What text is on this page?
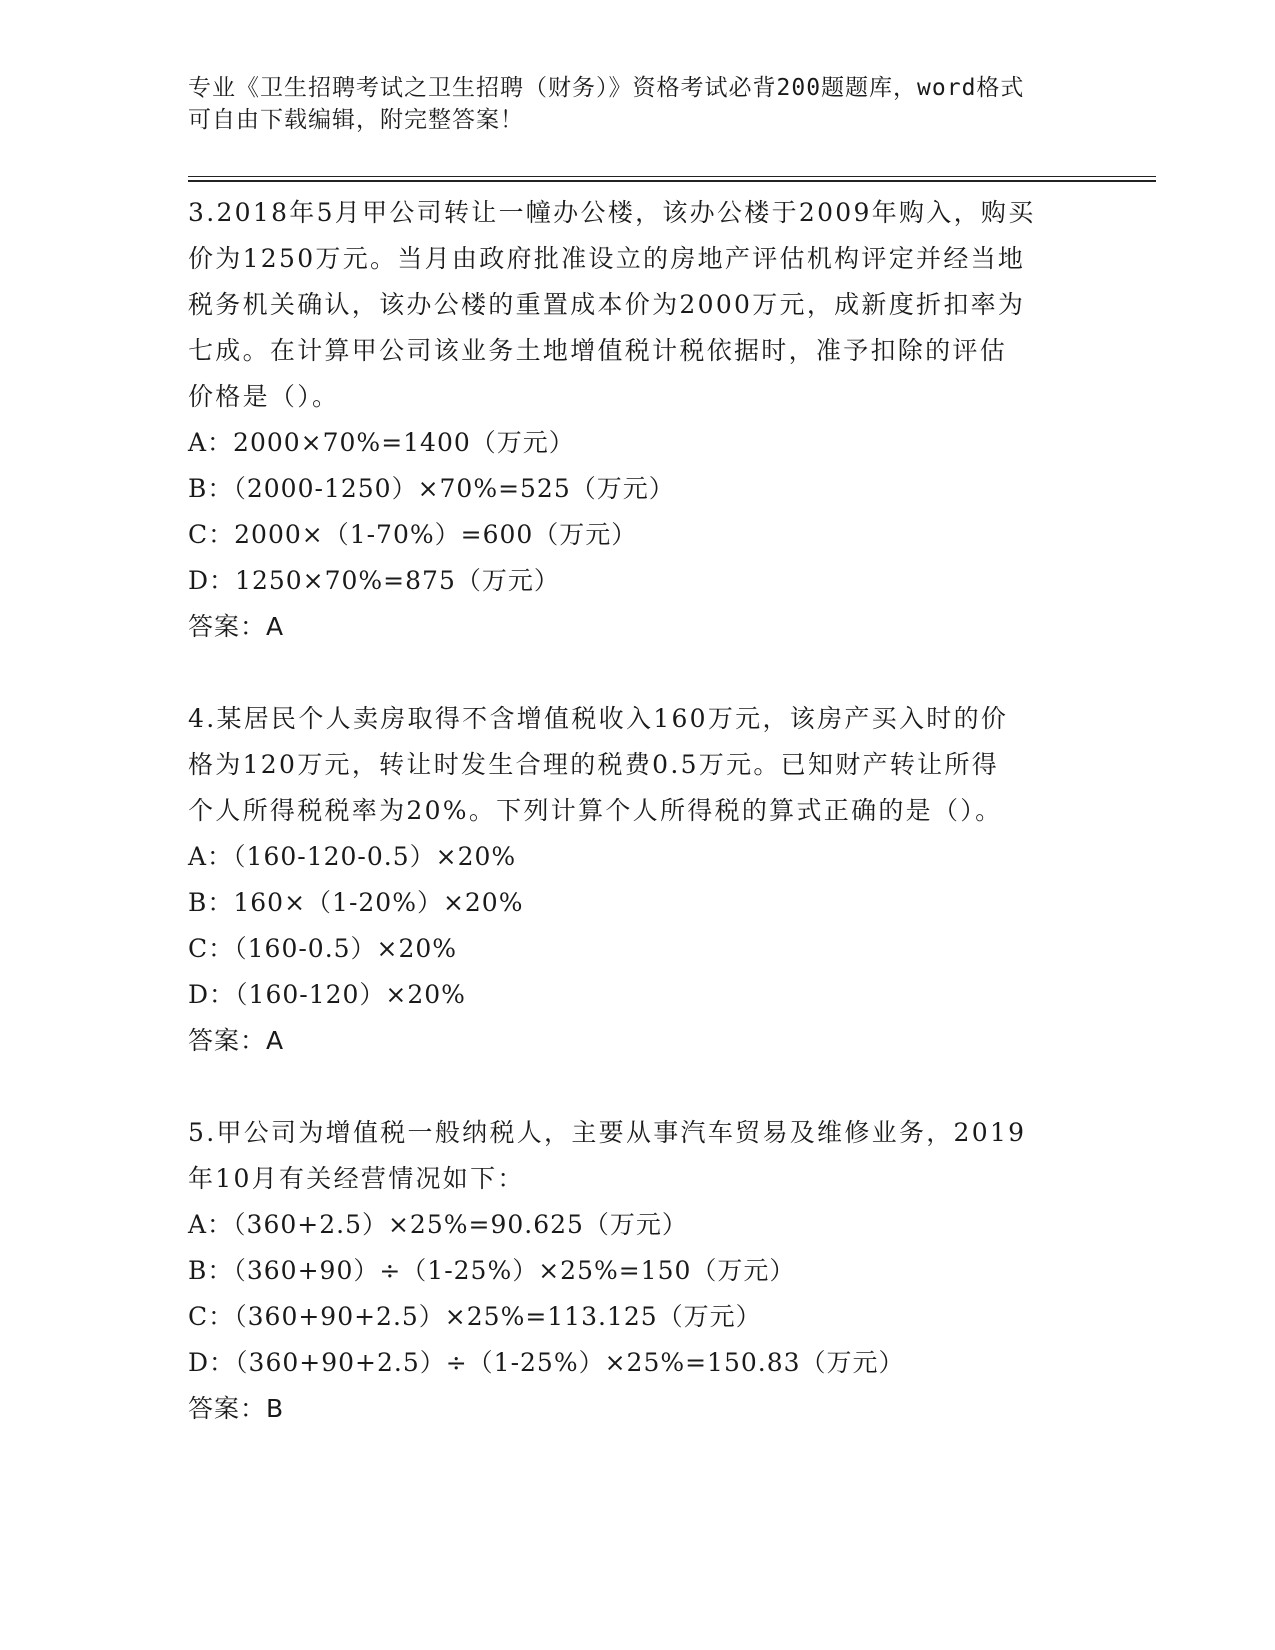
专业《卫生招聘考试之卫生招聘（财务）》资格考试必背200题题库，word格式
可自由下载编辑，附完整答案！
3.2018年5月甲公司转让一幢办公楼，该办公楼于2009年购入，购买
价为1250万元。当月由政府批准设立的房地产评估机构评定并经当地
税务机关确认，该办公楼的重置成本价为2000万元，成新度折扣率为
七成。在计算甲公司该业务土地增值税计税依据时，准予扣除的评估
价格是（）。
A：2000×70%=1400（万元）
B：（2000-1250）×70%=525（万元）
C：2000×（1-70%）=600（万元）
D：1250×70%=875（万元）
答案：A
4.某居民个人卖房取得不含增值税收入160万元，该房产买入时的价
格为120万元，转让时发生合理的税费0.5万元。已知财产转让所得
个人所得税税率为20%。下列计算个人所得税的算式正确的是（）。
A：（160-120-0.5）×20%
B：160×（1-20%）×20%
C：（160-0.5）×20%
D：（160-120）×20%
答案：A
5.甲公司为增值税一般纳税人，主要从事汽车贸易及维修业务，2019
年10月有关经营情况如下：
A：（360+2.5）×25%=90.625（万元）
B：（360+90）÷（1-25%）×25%=150（万元）
C：（360+90+2.5）×25%=113.125（万元）
D：（360+90+2.5）÷（1-25%）×25%=150.83（万元）
答案：B
